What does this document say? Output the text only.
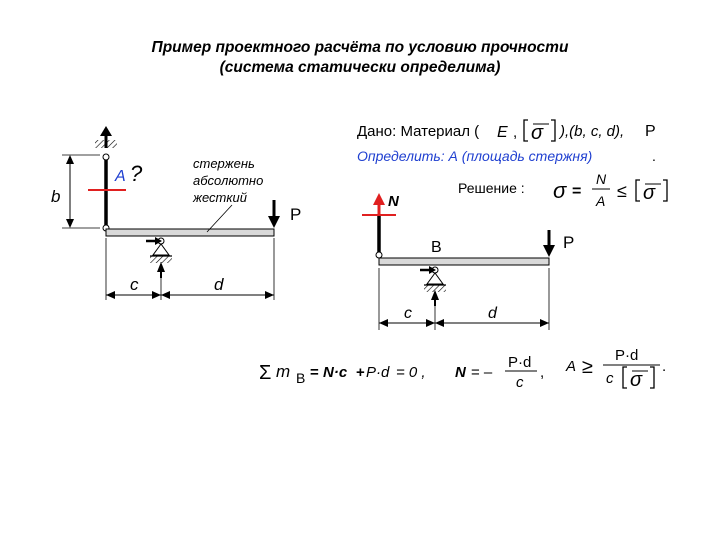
Пример проектного расчёта по условию прочности
(система статически определима)
b
A ?	стержень
абсолютно
жесткий
P
c	d
Дано: Материал ( E , σ ),(b, c, d), P
Определить: А (площадь стержня)	.
Решение : σ =
N
A ≤ σ
N
B	P
c	d
Σ m B = N·c + P·d = 0 , N = –
P·d
c
, A ≥
P·d
c σ
.
